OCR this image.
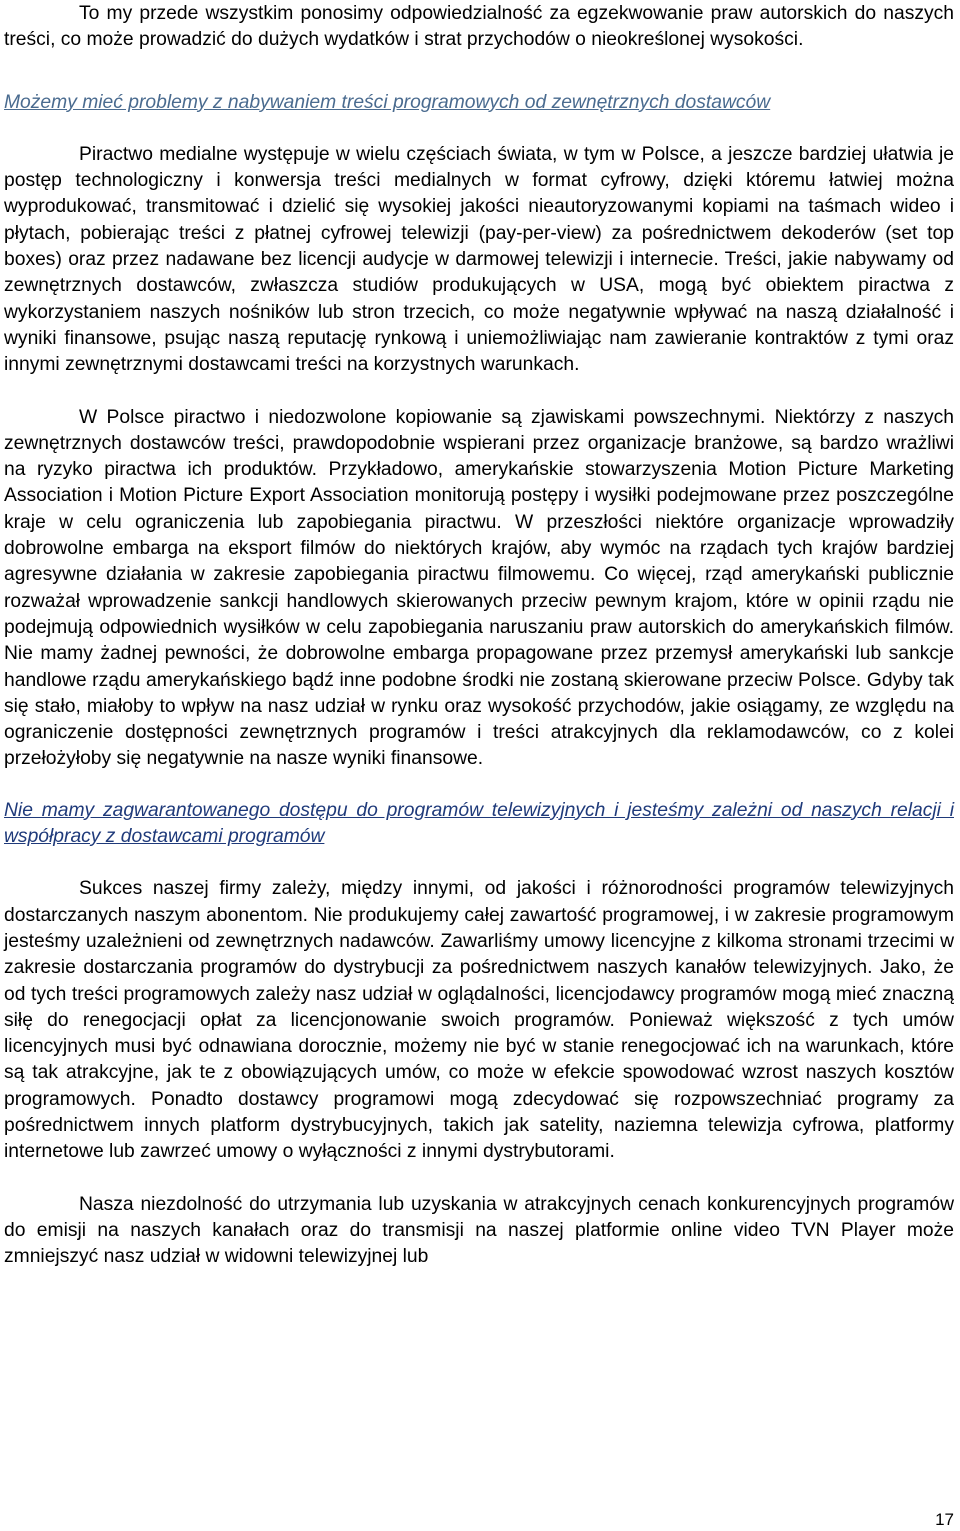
To my przede wszystkim ponosimy odpowiedzialność za egzekwowanie praw autorskich do naszych treści, co może prowadzić do dużych wydatków i strat przychodów o nieokreślonej wysokości.

Możemy mieć problemy z nabywaniem treści programowych od zewnętrznych dostawców

Piractwo medialne występuje w wielu częściach świata, w tym w Polsce, a jeszcze bardziej ułatwia je postęp technologiczny i konwersja treści medialnych w format cyfrowy, dzięki któremu łatwiej można wyprodukować, transmitować i dzielić się wysokiej jakości nieautoryzowanymi kopiami na taśmach wideo i płytach, pobierając treści z płatnej cyfrowej telewizji (pay-per-view) za pośrednictwem dekoderów (set top boxes) oraz przez nadawane bez licencji audycje w darmowej telewizji i internecie. Treści, jakie nabywamy od zewnętrznych dostawców, zwłaszcza studiów produkujących w USA, mogą być obiektem piractwa z wykorzystaniem naszych nośników lub stron trzecich, co może negatywnie wpływać na naszą działalność i wyniki finansowe, psując naszą reputację rynkową i uniemożliwiając nam zawieranie kontraktów z tymi oraz innymi zewnętrznymi dostawcami treści na korzystnych warunkach.

W Polsce piractwo i niedozwolone kopiowanie są zjawiskami powszechnymi. Niektórzy z naszych zewnętrznych dostawców treści, prawdopodobnie wspierani przez organizacje branżowe, są bardzo wrażliwi na ryzyko piractwa ich produktów. Przykładowo, amerykańskie stowarzyszenia Motion Picture Marketing Association i Motion Picture Export Association monitorują postępy i wysiłki podejmowane przez poszczególne kraje w celu ograniczenia lub zapobiegania piractwu. W przeszłości niektóre organizacje wprowadziły dobrowolne embarga na eksport filmów do niektórych krajów, aby wymóc na rządach tych krajów bardziej agresywne działania w zakresie zapobiegania piractwu filmowemu. Co więcej, rząd amerykański publicznie rozważał wprowadzenie sankcji handlowych skierowanych przeciw pewnym krajom, które w opinii rządu nie podejmują odpowiednich wysiłków w celu zapobiegania naruszaniu praw autorskich do amerykańskich filmów. Nie mamy żadnej pewności, że dobrowolne embarga propagowane przez przemysł amerykański lub sankcje handlowe rządu amerykańskiego bądź inne podobne środki nie zostaną skierowane przeciw Polsce. Gdyby tak się stało, miałoby to wpływ na nasz udział w rynku oraz wysokość przychodów, jakie osiągamy, ze względu na ograniczenie dostępności zewnętrznych programów i treści atrakcyjnych dla reklamodawców, co z kolei przełożyłoby się negatywnie na nasze wyniki finansowe.

Nie mamy zagwarantowanego dostępu do programów telewizyjnych i jesteśmy zależni od naszych relacji i współpracy z dostawcami programów

Sukces naszej firmy zależy, między innymi, od jakości i różnorodności programów telewizyjnych dostarczanych naszym abonentom. Nie produkujemy całej zawartość programowej, i w zakresie programowym jesteśmy uzależnieni od zewnętrznych nadawców. Zawarliśmy umowy licencyjne z kilkoma stronami trzecimi w zakresie dostarczania programów do dystrybucji za pośrednictwem naszych kanałów telewizyjnych. Jako, że od tych treści programowych zależy nasz udział w oglądalności, licencjodawcy programów mogą mieć znaczną siłę do renegocjacji opłat za licencjonowanie swoich programów. Ponieważ większość z tych umów licencyjnych musi być odnawiana dorocznie, możemy nie być w stanie renegocjować ich na warunkach, które są tak atrakcyjne, jak te z obowiązujących umów, co może w efekcie spowodować wzrost naszych kosztów programowych. Ponadto dostawcy programowi mogą zdecydować się rozpowszechniać programy za pośrednictwem innych platform dystrybucyjnych, takich jak satelity, naziemna telewizja cyfrowa, platformy internetowe lub zawrzeć umowy o wyłączności z innymi dystrybutorami.

Nasza niezdolność do utrzymania lub uzyskania w atrakcyjnych cenach konkurencyjnych programów do emisji na naszych kanałach oraz do transmisji na naszej platformie online video TVN Player może zmniejszyć nasz udział w widowni telewizyjnej lub

17
